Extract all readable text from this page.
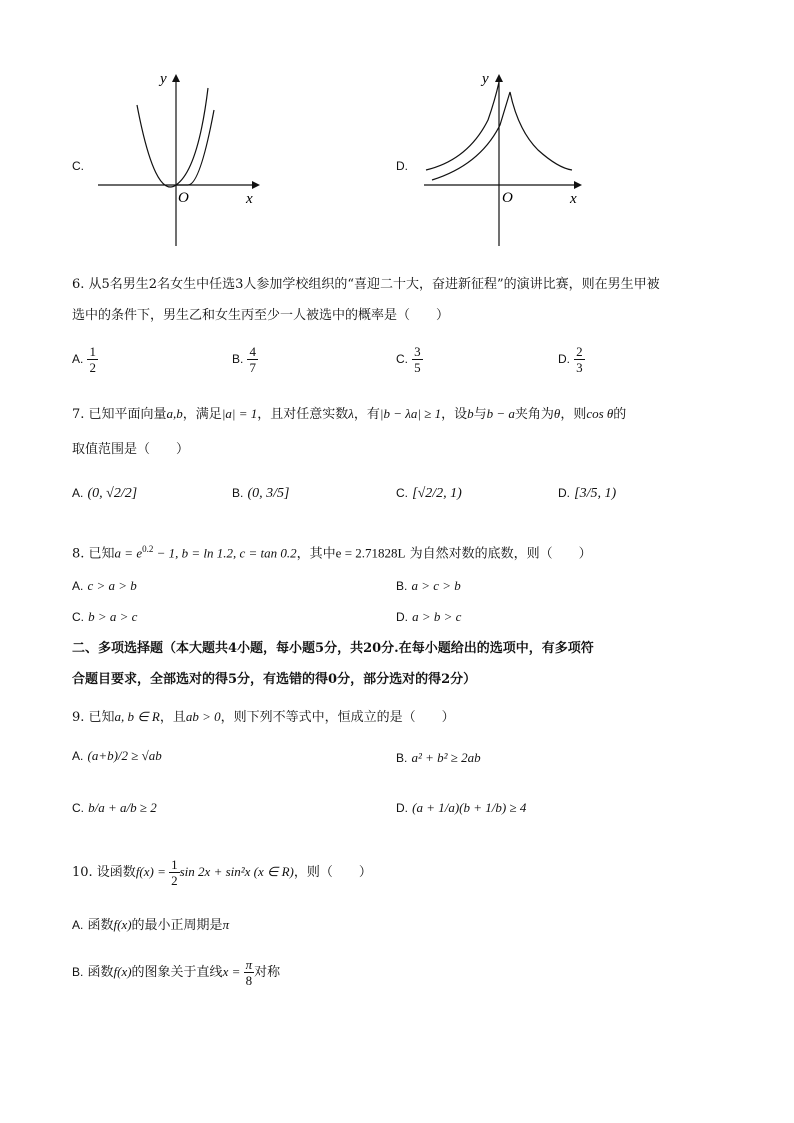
C.
y
x
O
D.
y
x
O
6. 从5名男生2名女生中任选3人参加学校组织的“喜迎二十大，奋进新征程”的演讲比赛，则在男生甲被
选中的条件下，男生乙和女生丙至少一人被选中的概率是（　　）
A. $\frac{1}{2}$	B. $\frac{4}{7}$	C. $\frac{3}{5}$	D. $\frac{2}{3}$
7. 已知平面向量a,b，满足|a| = 1，且对任意实数λ，有|b − λa| ≥ 1，设b与b − a夹角为θ，则cos θ的
取值范围是（　　）
A. (0, √2/2]	B. (0, 3/5]	C. [√2/2, 1)	D. [3/5, 1)
8. 已知$a = e^{0.2} - 1$, b = ln 1.2, c = tan 0.2，其中e = 2.71828L 为自然对数的底数，则（　　）
A. c > a > b	B. a > c > b
C. b > a > c	D. a > b > c
二、多项选择题（本大题共4小题，每小题5分，共20分.在每小题给出的选项中，有多项符
合题目要求，全部选对的得5分，有选错的得0分，部分选对的得2分）
9. 已知a, b ∈ R，且ab > 0，则下列不等式中，恒成立的是（　　）
A. (a+b)/2 ≥ √ab	B. a² + b² ≥ 2ab
C. b/a + a/b ≥ 2	D. (a + 1/a)(b + 1/b) ≥ 4
10. 设函数$f(x) = \frac{1}{2}$ sin 2x + sin²x (x ∈ R)，则（　　）
A. 函数f(x)的最小正周期是π
B. 函数f(x)的图象关于直线$x = \frac{\pi}{8}$ 对称
